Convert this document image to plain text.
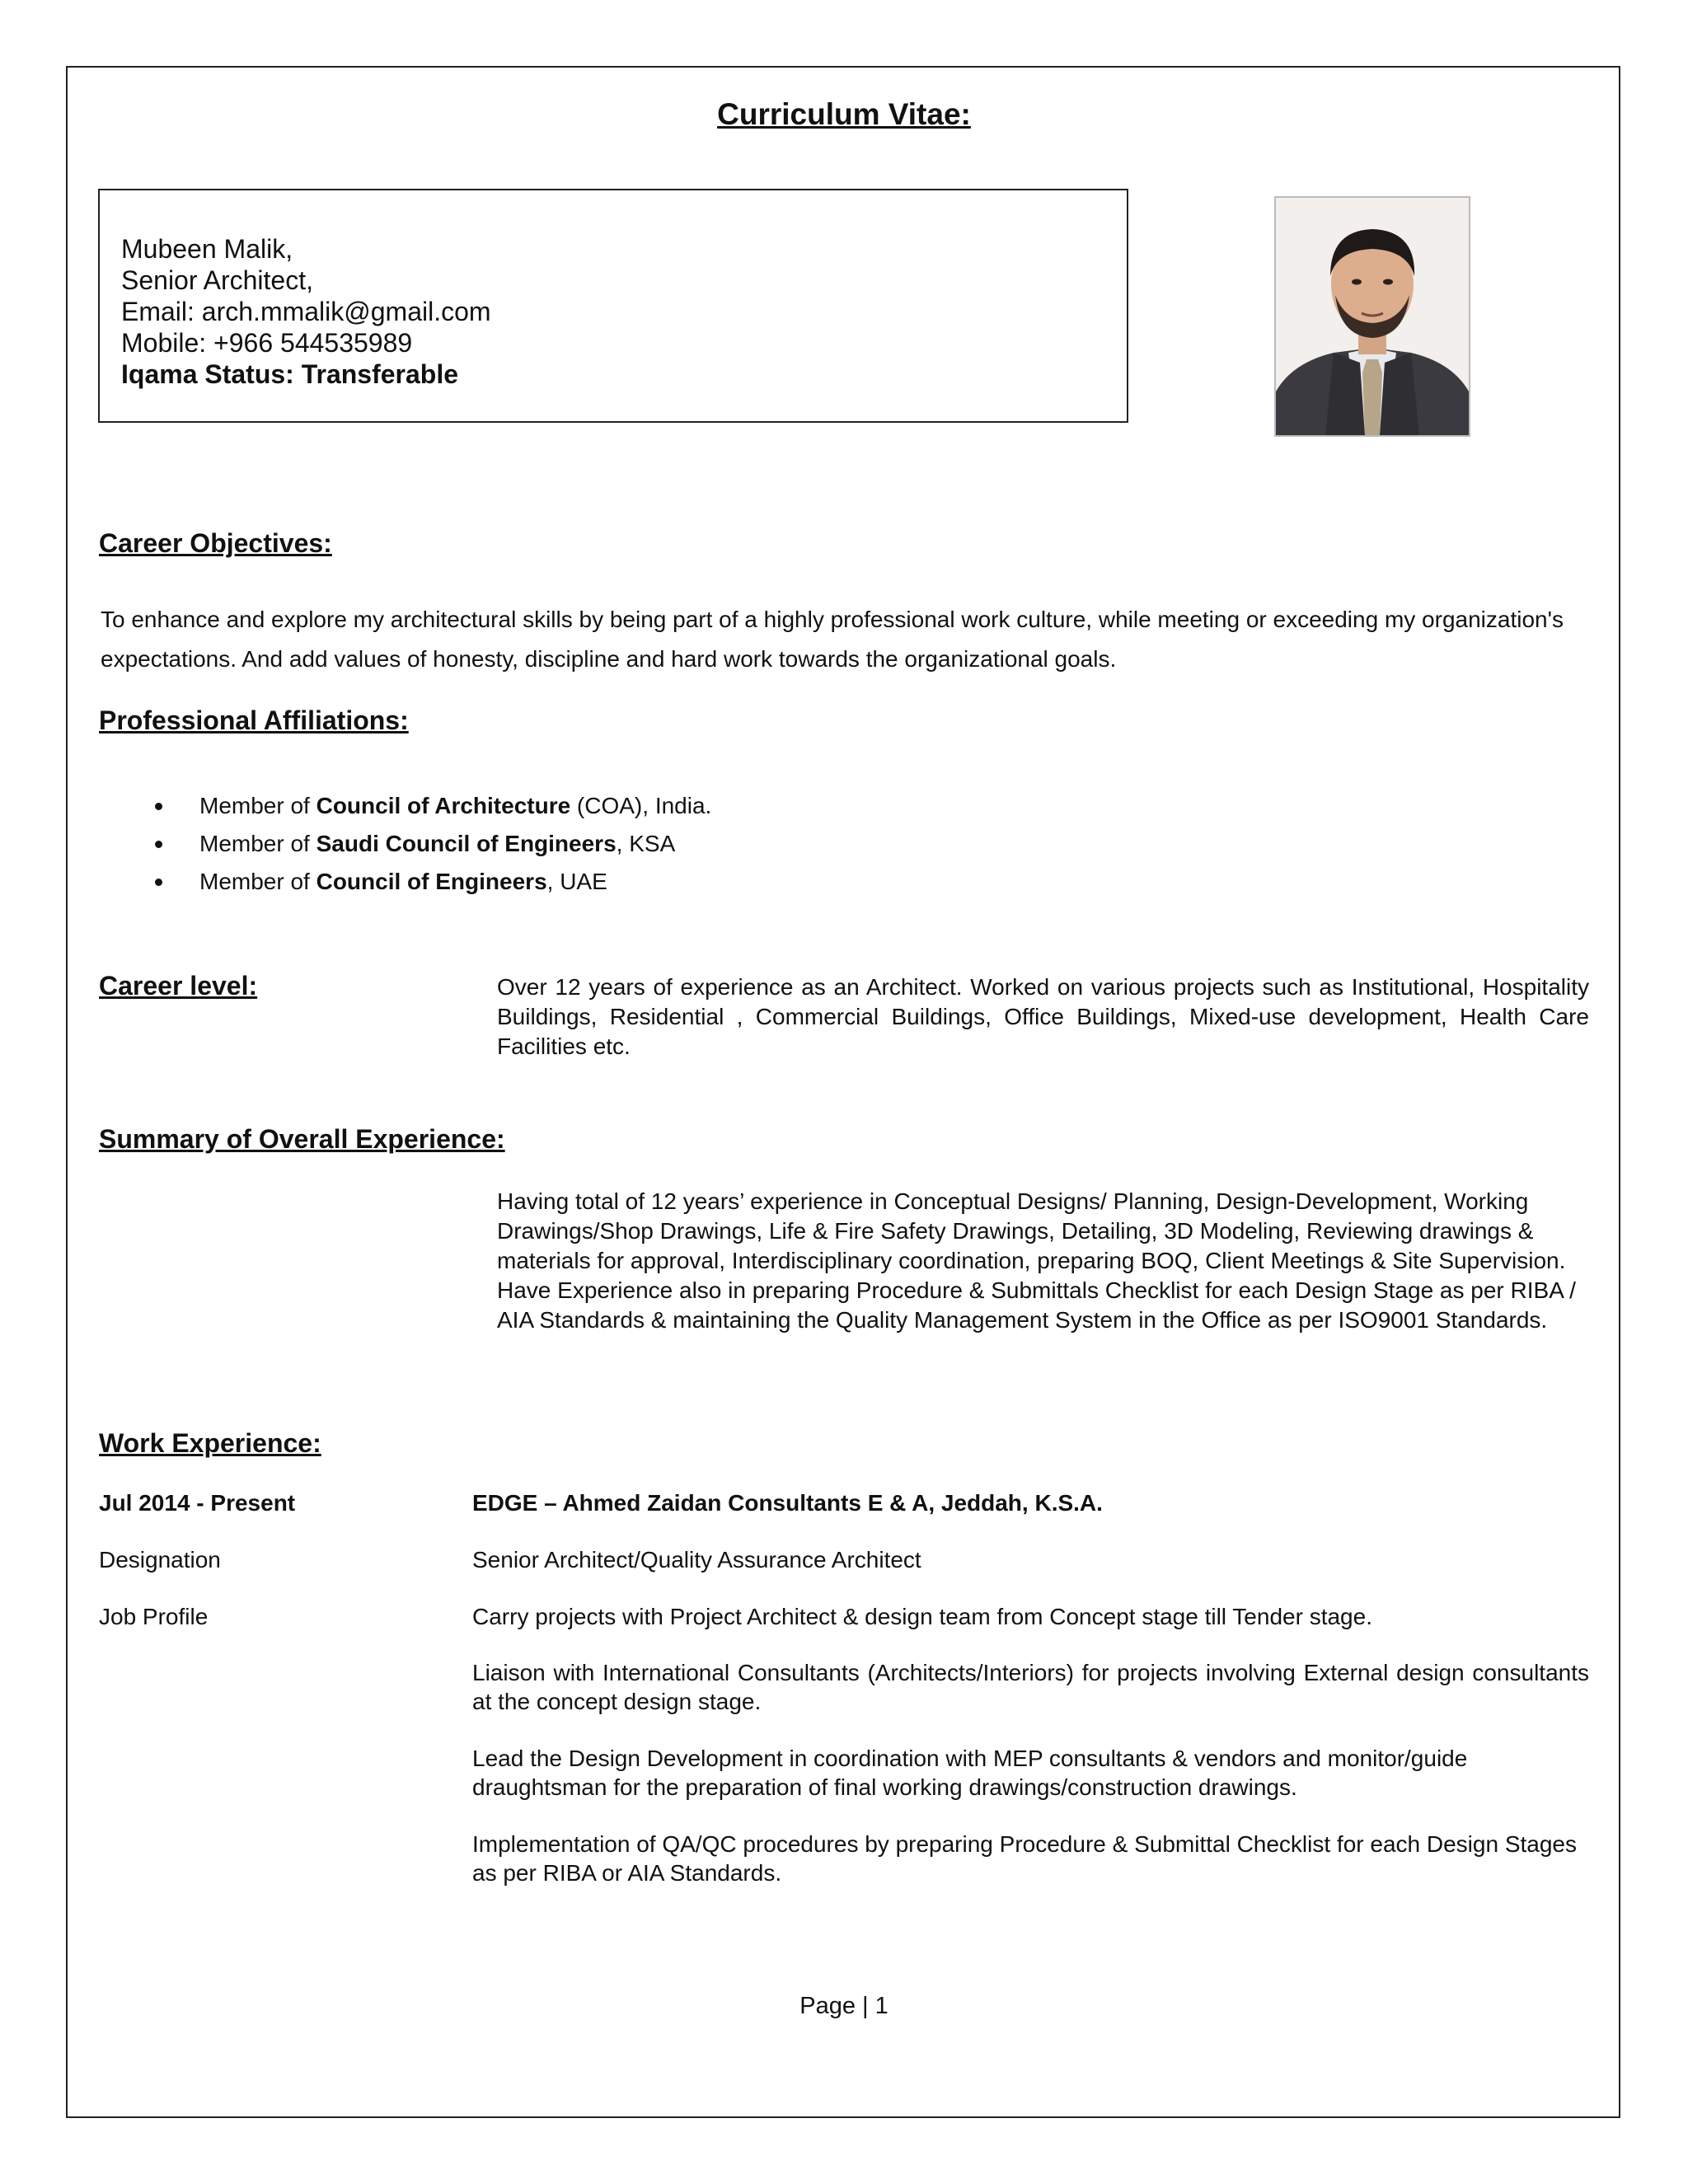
Curriculum Vitae:
Mubeen Malik,
Senior Architect,
Email: arch.mmalik@gmail.com
Mobile: +966 544535989
Iqama Status: Transferable
Career Objectives:
To enhance and explore my architectural skills by being part of a highly professional work culture, while meeting or exceeding my organization's expectations. And add values of honesty, discipline and hard work towards the organizational goals.
Professional Affiliations:
Member of Council of Architecture (COA), India.
Member of Saudi Council of Engineers, KSA
Member of Council of Engineers, UAE
Career level:	Over 12 years of experience as an Architect. Worked on various projects such as Institutional, Hospitality Buildings, Residential , Commercial Buildings, Office Buildings, Mixed-use development, Health Care Facilities etc.
Summary of Overall Experience:

Having total of 12 years’ experience in Conceptual Designs/ Planning, Design-Development, Working Drawings/Shop Drawings, Life & Fire Safety Drawings, Detailing, 3D Modeling, Reviewing drawings & materials for approval, Interdisciplinary coordination, preparing BOQ, Client Meetings & Site Supervision.

Have Experience also in preparing Procedure & Submittals Checklist for each Design Stage as per RIBA / AIA Standards & maintaining the Quality Management System in the Office as per ISO9001 Standards.

Work Experience:
Jul 2014 - Present	EDGE – Ahmed Zaidan Consultants E & A, Jeddah, K.S.A.
Designation	Senior Architect/Quality Assurance Architect
Job Profile	Carry projects with Project Architect & design team from Concept stage till Tender stage.
Liaison with International Consultants (Architects/Interiors) for projects involving External design consultants at the concept design stage.
Lead the Design Development in coordination with MEP consultants & vendors and monitor/guide draughtsman for the preparation of final working drawings/construction drawings.
Implementation of QA/QC procedures by preparing Procedure & Submittal Checklist for each Design Stages as per RIBA or AIA Standards.
Page | 1
